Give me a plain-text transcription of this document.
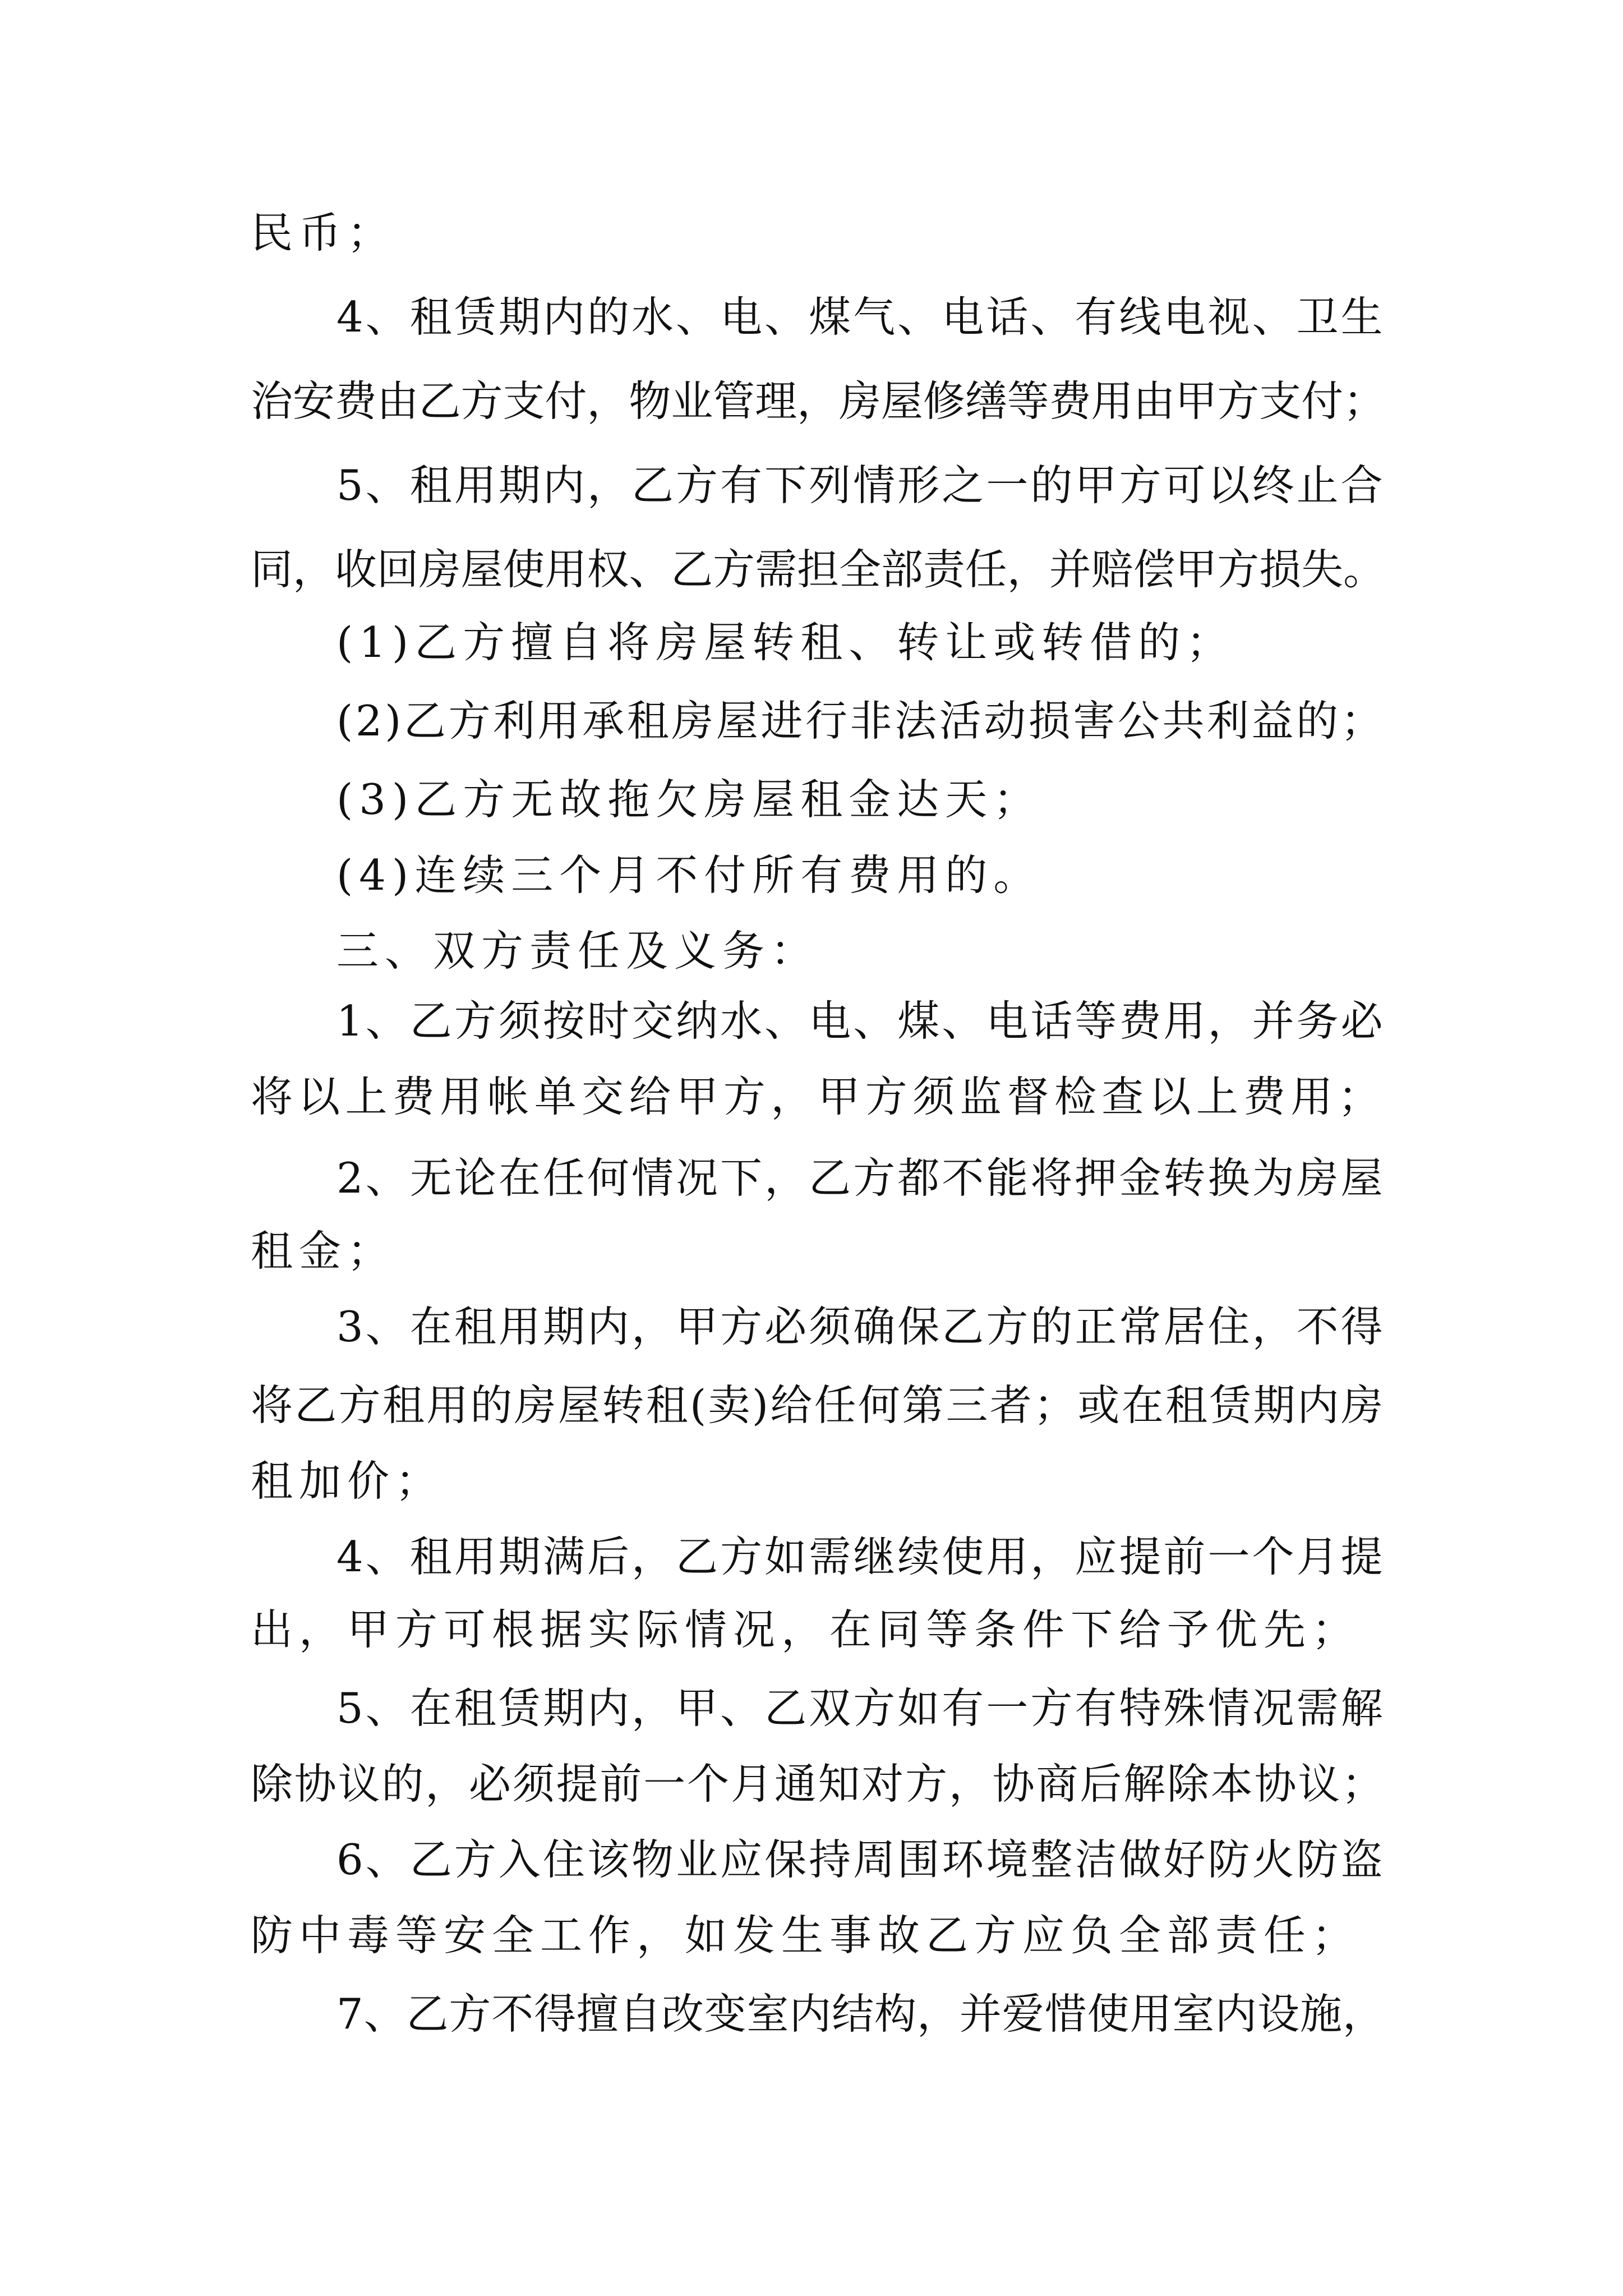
民币；

4、租赁期内的水、电、煤气、电话、有线电视、卫生

治安费由乙方支付，物业管理，房屋修缮等费用由甲方支付；

5、租用期内，乙方有下列情形之一的甲方可以终止合

同，收回房屋使用权、乙方需担全部责任，并赔偿甲方损失。

(1)乙方擅自将房屋转租、转让或转借的；

(2)乙方利用承租房屋进行非法活动损害公共利益的；

(3)乙方无故拖欠房屋租金达天；

(4)连续三个月不付所有费用的。

三、双方责任及义务：

1、乙方须按时交纳水、电、煤、电话等费用，并务必

将以上费用帐单交给甲方，甲方须监督检查以上费用；

2、无论在任何情况下，乙方都不能将押金转换为房屋

租金；

3、在租用期内，甲方必须确保乙方的正常居住，不得

将乙方租用的房屋转租(卖)给任何第三者；或在租赁期内房

租加价；

4、租用期满后，乙方如需继续使用，应提前一个月提

出，甲方可根据实际情况，在同等条件下给予优先；

5、在租赁期内，甲、乙双方如有一方有特殊情况需解

除协议的，必须提前一个月通知对方，协商后解除本协议；

6、乙方入住该物业应保持周围环境整洁做好防火防盗

防中毒等安全工作，如发生事故乙方应负全部责任；

7、乙方不得擅自改变室内结构，并爱惜使用室内设施，
